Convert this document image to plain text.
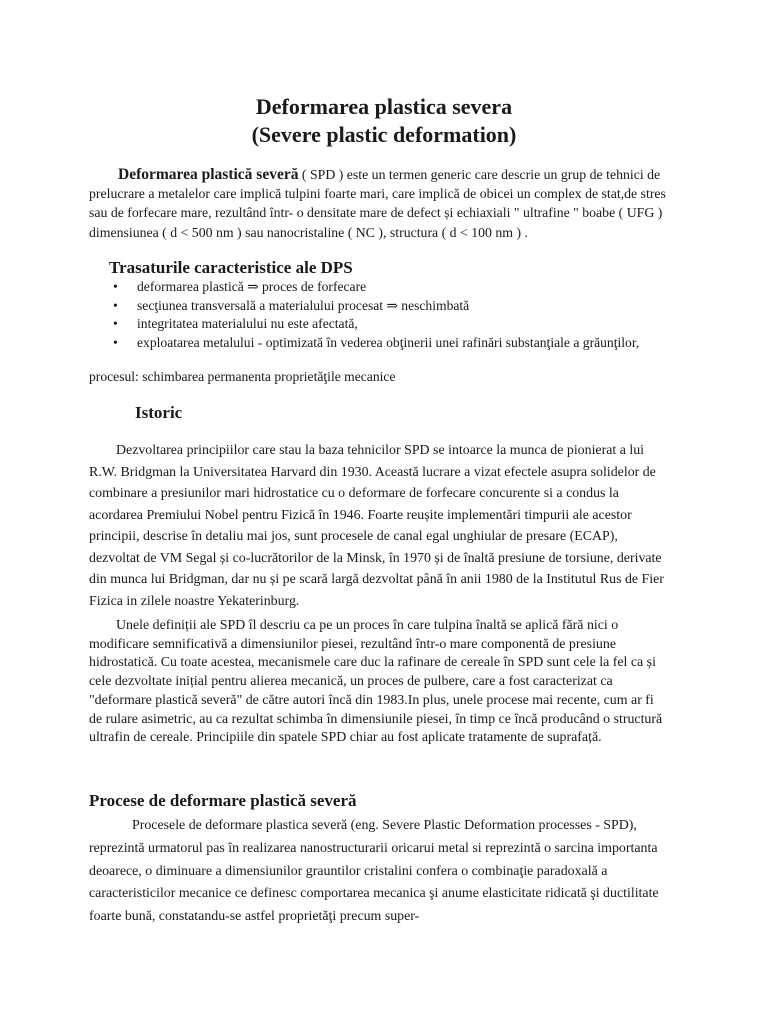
Deformarea plastica severa
(Severe plastic deformation)

Deformarea plastică severă ( SPD ) este un termen generic care descrie un grup de tehnici de prelucrare a metalelor care implică tulpini foarte mari, care implică de obicei un complex de stat,de stres sau de forfecare mare, rezultând într- o densitate mare de defect și echiaxiali " ultrafine " boabe ( UFG ) dimensiunea ( d < 500 nm ) sau nanocristaline ( NC ), structura ( d < 100 nm ) .

Trasaturile caracteristice ale DPS
• deformarea plastică ⇒ proces de forfecare
• secţiunea transversală a materialului procesat ⇒ neschimbată
• integritatea materialului nu este afectată,
• exploatarea metalului - optimizată în vederea obţinerii unei rafinări substanţiale a grăunţilor,

procesul: schimbarea permanenta proprietăţile mecanice

Istoric

Dezvoltarea principiilor care stau la baza tehnicilor SPD se intoarce la munca de pionierat a lui R.W. Bridgman la Universitatea Harvard din 1930. Această lucrare a vizat efectele asupra solidelor de combinare a presiunilor mari hidrostatice cu o deformare de forfecare concurente si a condus la acordarea Premiului Nobel pentru Fizică în 1946. Foarte reușite implementări timpurii ale acestor principii, descrise în detaliu mai jos, sunt procesele de canal egal unghiular de presare (ECAP), dezvoltat de VM Segal și co-lucrătorilor de la Minsk, în 1970 și de înaltă presiune de torsiune, derivate din munca lui Bridgman, dar nu și pe scară largă dezvoltat până în anii 1980 de la Institutul Rus de Fier Fizica in zilele noastre Yekaterinburg.

Unele definiții ale SPD îl descriu ca pe un proces în care tulpina înaltă se aplică fără nici o modificare semnificativă a dimensiunilor piesei, rezultând într-o mare componentă de presiune hidrostatică. Cu toate acestea, mecanismele care duc la rafinare de cereale în SPD sunt cele la fel ca și cele dezvoltate inițial pentru alierea mecanică, un proces de pulbere, care a fost caracterizat ca "deformare plastică severă" de către autori încă din 1983.In plus, unele procese mai recente, cum ar fi de rulare asimetric, au ca rezultat schimba în dimensiunile piesei, în timp ce încă producând o structură ultrafin de cereale. Principiile din spatele SPD chiar au fost aplicate tratamente de suprafață.

Procese de deformare plastică severă

Procesele de deformare plastica severă (eng. Severe Plastic Deformation processes - SPD), reprezintă urmatorul pas în realizarea nanostructurarii oricarui metal si reprezintă o sarcina importanta deoarece, o diminuare a dimensiunilor grauntilor cristalini confera o combinaţie paradoxală a caracteristicilor mecanice ce definesc comportarea mecanica şi anume elasticitate ridicată şi ductilitate foarte bună, constatandu-se astfel proprietăţi precum super-
